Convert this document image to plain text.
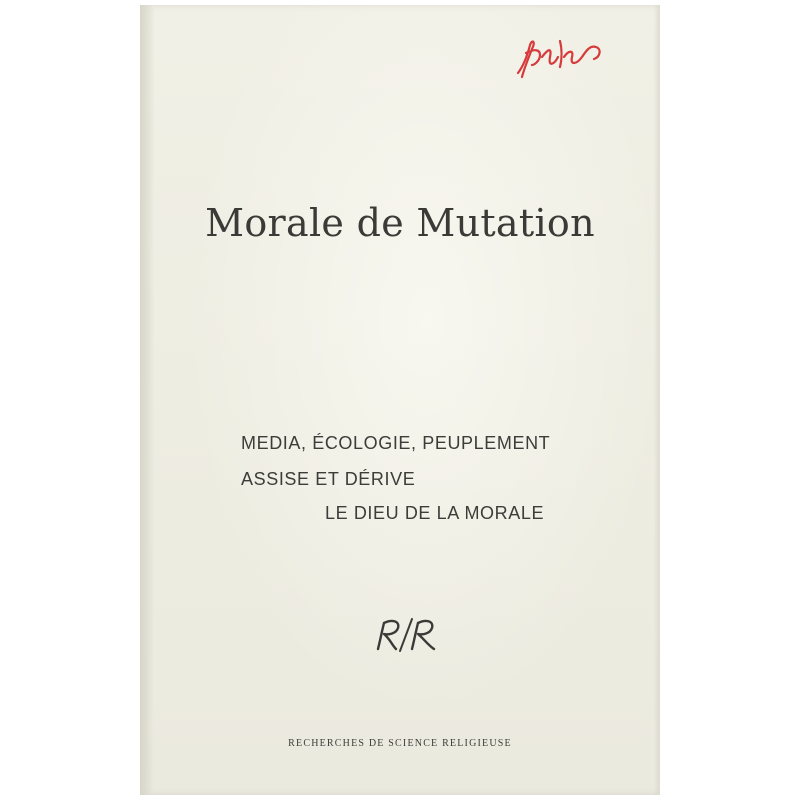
Morale de Mutation
MEDIA, ÉCOLOGIE, PEUPLEMENT
ASSISE ET DÉRIVE
LE DIEU DE LA MORALE
RECHERCHES DE SCIENCE RELIGIEUSE
